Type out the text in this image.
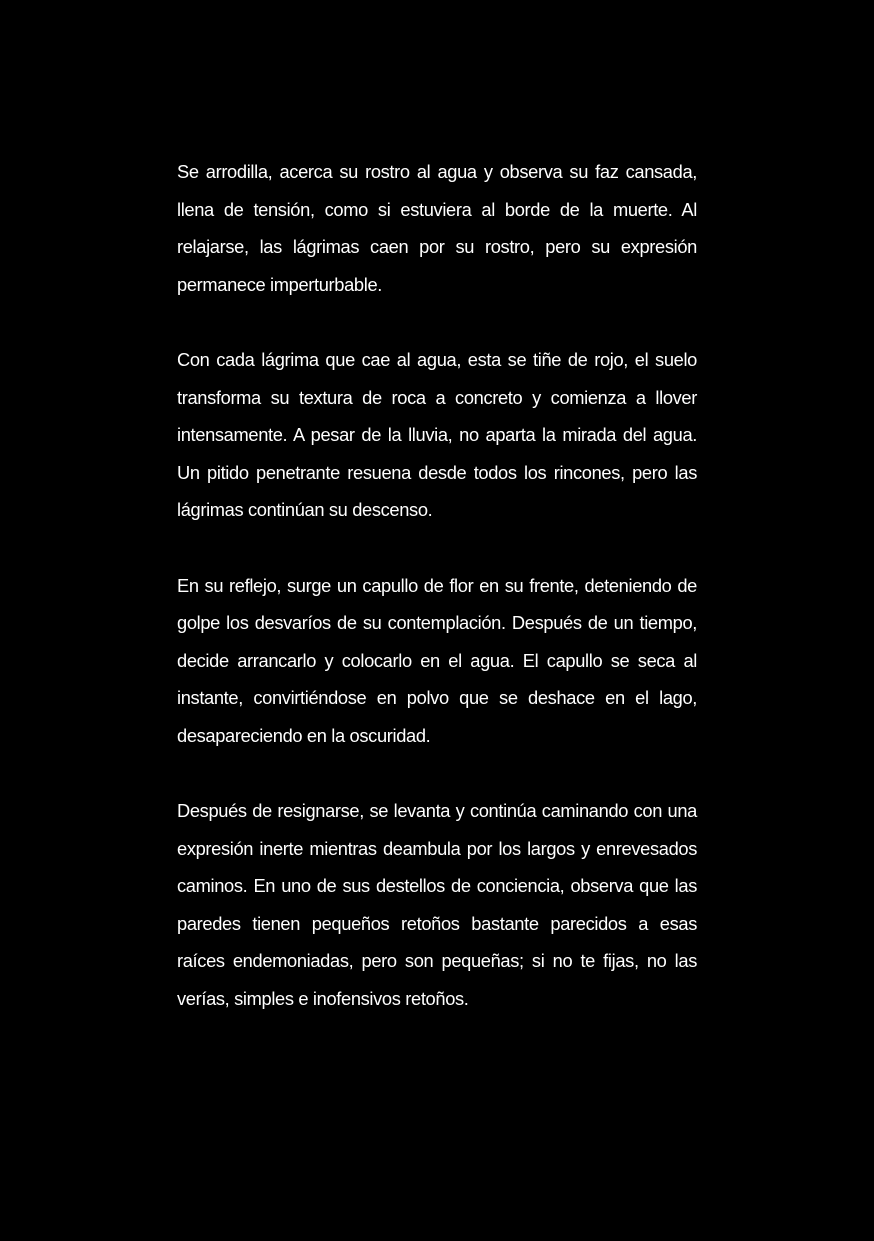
Se arrodilla, acerca su rostro al agua y observa su faz cansada, llena de tensión, como si estuviera al borde de la muerte. Al relajarse, las lágrimas caen por su rostro, pero su expresión permanece imperturbable.

Con cada lágrima que cae al agua, esta se tiñe de rojo, el suelo transforma su textura de roca a concreto y comienza a llover intensamente. A pesar de la lluvia, no aparta la mirada del agua. Un pitido penetrante resuena desde todos los rincones, pero las lágrimas continúan su descenso.

En su reflejo, surge un capullo de flor en su frente, deteniendo de golpe los desvaríos de su contemplación. Después de un tiempo, decide arrancarlo y colocarlo en el agua. El capullo se seca al instante, convirtiéndose en polvo que se deshace en el lago, desapareciendo en la oscuridad.

Después de resignarse, se levanta y continúa caminando con una expresión inerte mientras deambula por los largos y enrevesados caminos. En uno de sus destellos de conciencia, observa que las paredes tienen pequeños retoños bastante parecidos a esas raíces endemoniadas, pero son pequeñas; si no te fijas, no las verías, simples e inofensivos retoños.
